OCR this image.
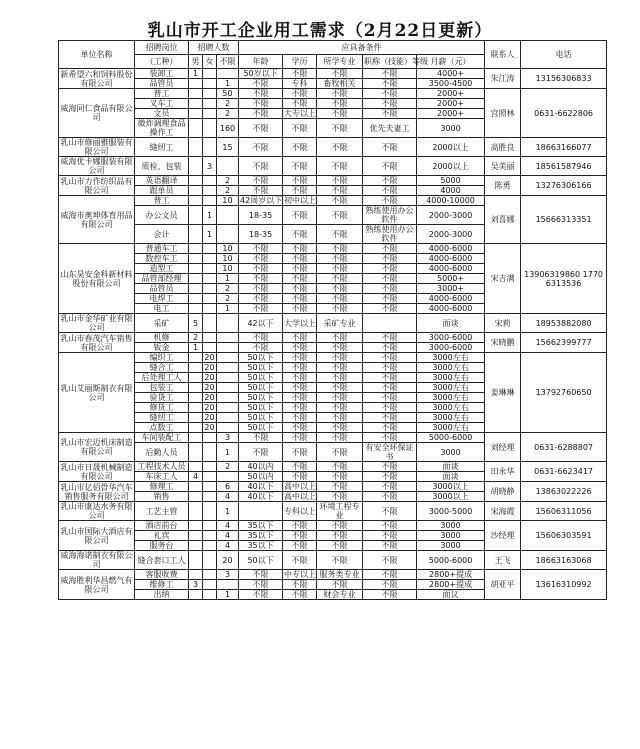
乳山市开工企业用工需求（2月22日更新）
单位名称	招聘岗位	招聘人数			应具备条件					联系人	电话
	（工种）	男	女	不限	年龄	学历	所学专业	职称（技能）等级	月薪（元）		
新希望六和饲料股份有限公司	装卸工	1			50岁以下	不限	不限	不限	4000+	朱江涛	13156306833
	品管员			1	不限	专科	畜牧相关	不限	3500-4500		
威海同仁食品有限公司	普工			50	不限	不限	不限	不限	2000+	宫照林	0631-6622806
	叉车工			2	不限	不限	不限	不限	2000+		
	文员			2	不限	大专以上	不限	不限	2000+		
	微炸调理食品操作工			160	不限	不限	不限	优先夫妻工	3000		
乳山市修丽雅服装有限公司	缝纫工			15	不限	不限	不限	不限	2000以上	高胜良	18663166077
威海优卡娜服装有限公司	质检、包装		3		不限	不限	不限	不限	2000以上	吴美丽	18561587946
乳山市力作纺织品有限公司	英语翻译			2	不限	不限	不限	不限	5000	陈勇	13276306166
	跟单员			2	不限	不限	不限	不限	4000		
威海市奥坤体育用品有限公司	普工			10	42周岁以下	初中以上	不限	不限	4000-10000	刘喜娜	15666313351
	办公文员		1		18-35	不限	不限	熟练使用办公软件	2000-3000		
	会计		1		18-35	不限	不限	熟练使用办公软件	2000-3000		
山东昊安金科新材料股份有限公司	普通车工			10	不限	不限	不限	不限	4000-6000	宋吉满	13906319860 17706313536
	数控车工			10	不限	不限	不限	不限	4000-6000		
	造型工			10	不限	不限	不限	不限	4000-6000		
	品管部经理			1	不限	不限	不限	不限	5000+		
	品管员			2	不限	不限	不限	不限	3000+		
	电焊工			2	不限	不限	不限	不限	4000-6000		
	电工			1	不限	不限	不限	不限	4000-6000		
乳山市金华矿业有限公司	采矿	5			42以下	大学以上	采矿专业		面谈	宋莉	18953882080
乳山市春茂汽车销售有限公司	机修	2			不限	不限	不限	不限	3000-6000	宋晓鹏	15662399777
	钣金	1			不限	不限	不限	不限	3000-6000		
乳山艾丽斯制衣有限公司	编织工		20		50以下	不限	不限	不限	3000左右	姜琳琳	13792760650
	缝合工		20		50以下	不限	不限	不限	3000左右		
	后处理工人		20		50以下	不限	不限	不限	3000左右		
	包装工		20		50以下	不限	不限	不限	3000左右		
	验货工		20		50以下	不限	不限	不限	3000左右		
	修货工		20		50以下	不限	不限	不限	3000左右		
	缝纫工		20		50以下	不限	不限	不限	3000左右		
	点数工		20		50以下	不限	不限	不限	3000左右		
乳山市宏迈机床制造有限公司	车间装配工			3	不限	不限	不限	不限	5000-6000	刘经理	0631-6288807
	后勤人员			1	不限	不限	不限	有安全环保证书	3000		
乳山市日晟机械制造有限公司	工程技术人员			2	40以内	不限	不限	不限	面谈	田永华	0631-6623417
	车床工人	4			50以内	不限	不限	不限	面谈		
乳山市亿佰骨华汽车销售服务有限公司	修理工			6	40以下	高中以上	不限	不限	3000以上	胡晓静	13863022226
	销售			4	40以下	高中以上	不限	不限	3000以上		
乳山市康达水务有限公司	工艺主管			1		专科以上	环境工程专业	不限	3000-5000	宋海霞	15606311056
乳山市国际大酒店有限公司	酒店前台			4	35以下	不限	不限	不限	3000	沙经理	15606303591
	礼宾			4	35以下	不限	不限	不限	3000		
	服务台			4	35以下	不限	不限	不限	3000		
威海海诺制衣有限公司	缝合套口工人			20	50以下	不限	不限	不限	5000-6000	王飞	18663163068
威海胜利华昌燃气有限公司	客服收费			3	不限	中专以上	服务类专业	不限	2800+提成	胡亚平	13616310992
	维修工	3			不限	不限	不限	不限	2800+提成		
	出纳			1	不限	不限	财会专业	不限	面议		
